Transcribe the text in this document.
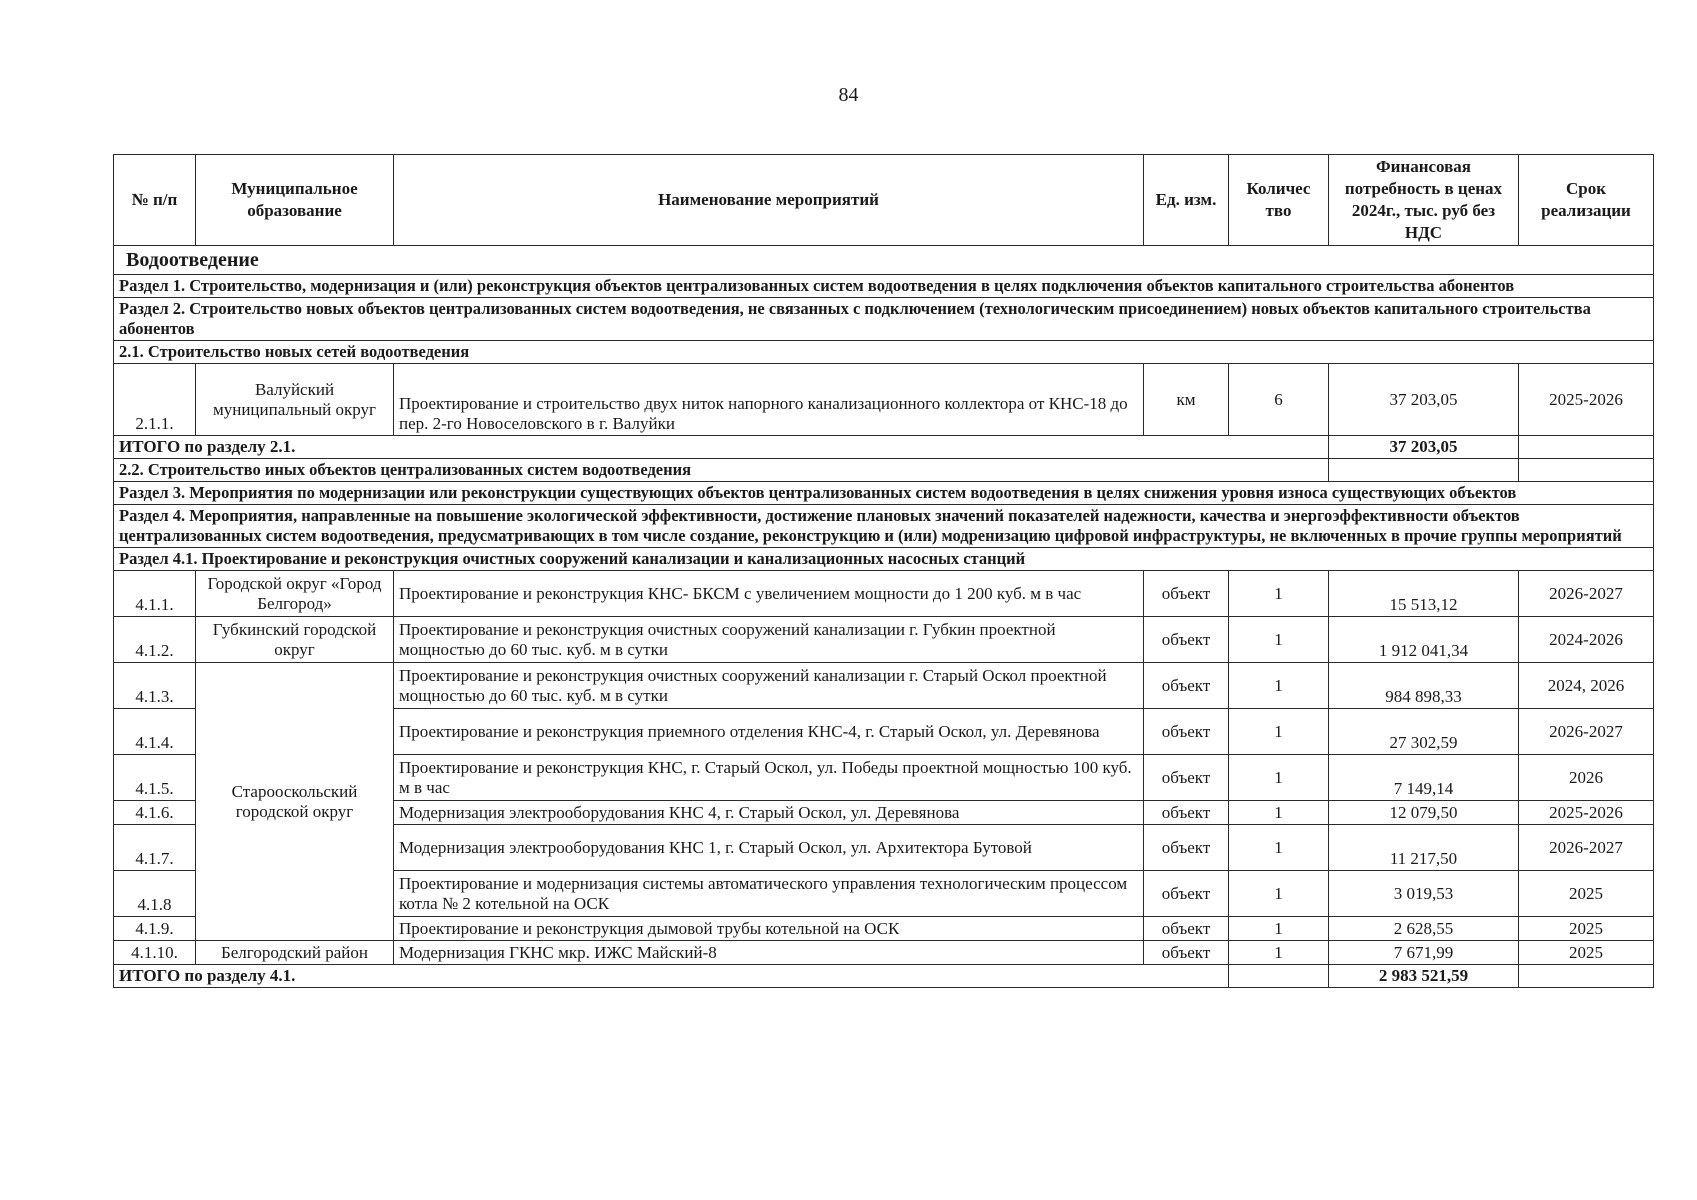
84
№ п/п	Муниципальное образование	Наименование мероприятий	Ед. изм.	Количес тво	Финансовая потребность в ценах 2024г., тыс. руб без НДС	Срок реализации
Водоотведение						
Раздел 1. Строительство, модернизация и (или) реконструкция объектов централизованных систем водоотведения в целях подключения объектов капитального строительства абонентов						
Раздел 2. Строительство новых объектов централизованных систем водоотведения, не связанных с подключением (технологическим присоединением) новых объектов капитального строительства абонентов						
2.1. Строительство новых сетей водоотведения						
2.1.1.	Валуйский муниципальный округ	Проектирование и строительство двух ниток напорного канализационного коллектора от КНС-18 до пер. 2-го Новоселовского в г. Валуйки	км	6	37 203,05	2025-2026
ИТОГО по разделу 2.1.					37 203,05	
2.2. Строительство иных объектов централизованных систем водоотведения						
Раздел 3. Мероприятия по модернизации или реконструкции существующих объектов централизованных систем водоотведения в целях снижения уровня износа существующих объектов						
Раздел 4. Мероприятия, направленные на повышение экологической эффективности, достижение плановых значений показателей надежности, качества и энергоэффективности объектов централизованных систем водоотведения, предусматривающих в том числе создание, реконструкцию и (или) модренизацию цифровой инфраструктуры, не включенных в прочие группы мероприятий						
Раздел 4.1. Проектирование и реконструкция очистных сооружений канализации и канализационных насосных станций						
4.1.1.	Городской округ «Город Белгород»	Проектирование и реконструкция КНС- БКСМ с увеличением мощности до 1 200 куб. м в час	объект	1	15 513,12	2026-2027
4.1.2.	Губкинский городской округ	Проектирование и реконструкция очистных сооружений канализации г. Губкин проектной мощностью до 60 тыс. куб. м в сутки	объект	1	1 912 041,34	2024-2026
4.1.3.	Старооскольский городской округ	Проектирование и реконструкция очистных сооружений канализации г. Старый Оскол проектной мощностью до 60 тыс. куб. м в сутки	объект	1	984 898,33	2024, 2026
4.1.4.		Проектирование и реконструкция приемного отделения КНС-4, г. Старый Оскол, ул. Деревянова	объект	1	27 302,59	2026-2027
4.1.5.		Проектирование и реконструкция КНС, г. Старый Оскол, ул. Победы проектной мощностью 100 куб. м в час	объект	1	7 149,14	2026
4.1.6.		Модернизация электрооборудования КНС 4, г. Старый Оскол, ул. Деревянова	объект	1	12 079,50	2025-2026
4.1.7.		Модернизация электрооборудования КНС 1, г. Старый Оскол, ул. Архитектора Бутовой	объект	1	11 217,50	2026-2027
4.1.8		Проектирование и модернизация системы автоматического управления технологическим процессом котла № 2 котельной на ОСК	объект	1	3 019,53	2025
4.1.9.		Проектирование и реконструкция дымовой трубы котельной на ОСК	объект	1	2 628,55	2025
4.1.10.	Белгородский район	Модернизация ГКНС мкр. ИЖС Майский-8	объект	1	7 671,99	2025
ИТОГО по разделу 4.1.					2 983 521,59	
